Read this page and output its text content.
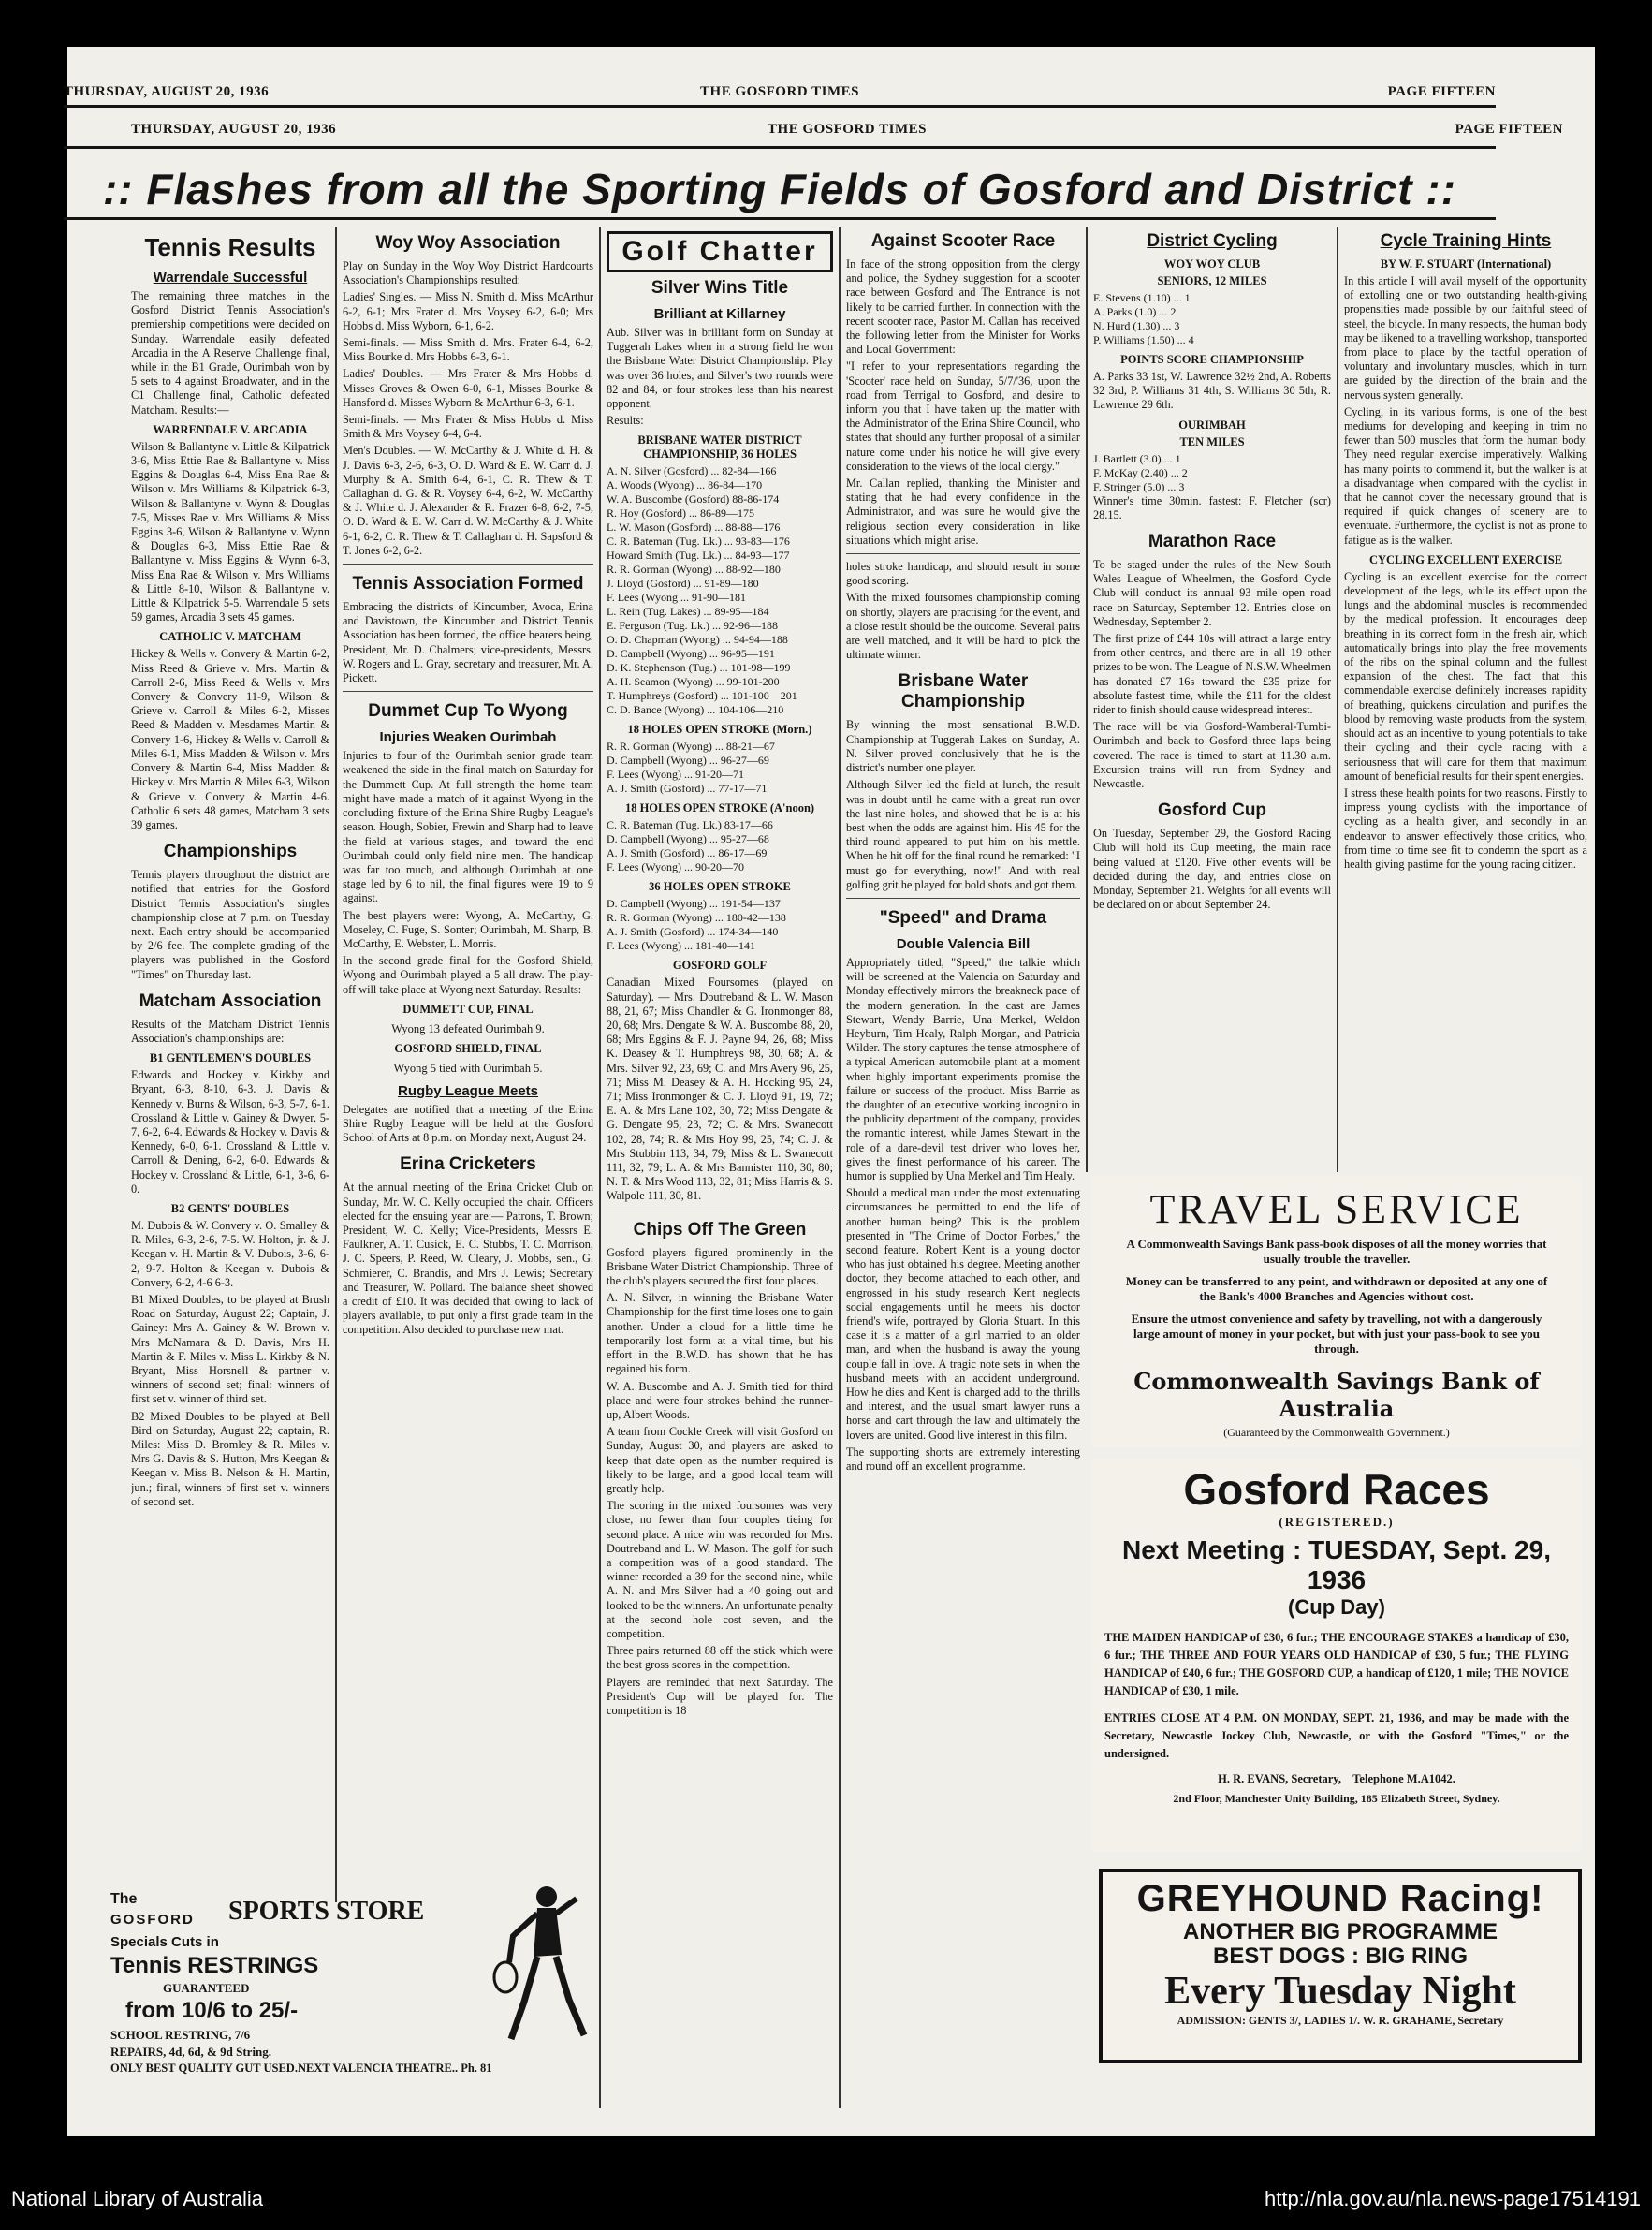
THURSDAY, AUGUST 20, 1936	THE GOSFORD TIMES	PAGE FIFTEEN
THURSDAY, AUGUST 20, 1936	THE GOSFORD TIMES	PAGE FIFTEEN
:: Flashes from all the Sporting Fields of Gosford and District ::
Tennis Results
Warrendale Successful

The remaining three matches in the Gosford District Tennis Association's premiership competitions were decided on Sunday. Warrendale easily defeated Arcadia in the A Reserve Challenge final, while in the B1 Grade, Ourimbah won by 5 sets to 4 against Broadwater, and in the C1 Challenge final, Catholic defeated Matcham. Results:—

WARRENDALE V. ARCADIA

Wilson & Ballantyne v. Little & Kilpatrick 3-6, Miss Ettie Rae & Ballantyne v. Miss Eggins & Douglas 6-4, Miss Ena Rae & Wilson v. Mrs Williams & Kilpatrick 6-3, Wilson & Ballantyne v. Wynn & Douglas 7-5, Misses Rae v. Mrs Williams & Miss Eggins 3-6, Wilson & Ballantyne v. Wynn & Douglas 6-3, Miss Ettie Rae & Ballantyne v. Miss Eggins & Wynn 6-3, Miss Ena Rae & Wilson v. Mrs Williams & Little 8-10, Wilson & Ballantyne v. Little & Kilpatrick 5-5. Warrendale 5 sets 59 games, Arcadia 3 sets 45 games.

CATHOLIC V. MATCHAM

Hickey & Wells v. Convery & Martin 6-2, Miss Reed & Grieve v. Mrs. Martin & Carroll 2-6, Miss Reed & Wells v. Mrs Convery & Convery 11-9, Wilson & Grieve v. Carroll & Miles 6-2, Misses Reed & Madden v. Mesdames Martin & Convery 1-6, Hickey & Wells v. Carroll & Miles 6-1, Miss Madden & Wilson v. Mrs Convery & Martin 6-4, Miss Madden & Hickey v. Mrs Martin & Miles 6-3, Wilson & Grieve v. Convery & Martin 4-6. Catholic 6 sets 48 games, Matcham 3 sets 39 games.

Championships

Tennis players throughout the district are notified that entries for the Gosford District Tennis Association's singles championship close at 7 p.m. on Tuesday next. Each entry should be accompanied by 2/6 fee. The complete grading of the players was published in the Gosford "Times" on Thursday last.

Matcham Association

Results of the Matcham District Tennis Association's championships are:

B1 GENTLEMEN'S DOUBLES

Edwards and Hockey v. Kirkby and Bryant, 6-3, 8-10, 6-3. J. Davis & Kennedy v. Burns & Wilson, 6-3, 5-7, 6-1. Crossland & Little v. Gainey & Dwyer, 5-7, 6-2, 6-4. Edwards & Hockey v. Davis & Kennedy, 6-0, 6-1. Crossland & Little v. Carroll & Dening, 6-2, 6-0. Edwards & Hockey v. Crossland & Little, 6-1, 3-6, 6-0.

B2 GENTS' DOUBLES

M. Dubois & W. Convery v. O. Smalley & R. Miles, 6-3, 2-6, 7-5. W. Holton, jr. & J. Keegan v. H. Martin & V. Dubois, 3-6, 6-2, 9-7. Holton & Keegan v. Dubois & Convery, 6-2, 4-6 6-3.

B1 Mixed Doubles, to be played at Brush Road on Saturday, August 22; Captain, J. Gainey: Mrs A. Gainey & W. Brown v. Mrs McNamara & D. Davis, Mrs H. Martin & F. Miles v. Miss L. Kirkby & N. Bryant, Miss Horsnell & partner v. winners of second set; final: winners of first set v. winner of third set.

B2 Mixed Doubles to be played at Bell Bird on Saturday, August 22; captain, R. Miles: Miss D. Bromley & R. Miles v. Mrs G. Davis & S. Hutton, Mrs Keegan & Keegan v. Miss B. Nelson & H. Martin, jun.; final, winners of first set v. winners of second set.

Woy Woy Association

Play on Sunday in the Woy Woy District Hardcourts Association's Championships resulted:

Ladies' Singles. — Miss N. Smith d. Miss McArthur 6-2, 6-1; Mrs Frater d. Mrs Voysey 6-2, 6-0; Mrs Hobbs d. Miss Wyborn, 6-1, 6-2.

Semi-finals. — Miss Smith d. Mrs. Frater 6-4, 6-2, Miss Bourke d. Mrs Hobbs 6-3, 6-1.

Ladies' Doubles. — Mrs Frater & Mrs Hobbs d. Misses Groves & Owen 6-0, 6-1, Misses Bourke & Hansford d. Misses Wyborn & McArthur 6-3, 6-1.

Semi-finals. — Mrs Frater & Miss Hobbs d. Miss Smith & Mrs Voysey 6-4, 6-4.

Men's Doubles. — W. McCarthy & J. White d. H. & J. Davis 6-3, 2-6, 6-3, O. D. Ward & E. W. Carr d. J. Murphy & A. Smith 6-4, 6-1, C. R. Thew & T. Callaghan d. G. & R. Voysey 6-4, 6-2, W. McCarthy & J. White d. J. Alexander & R. Frazer 6-8, 6-2, 7-5, O. D. Ward & E. W. Carr d. W. McCarthy & J. White 6-1, 6-2, C. R. Thew & T. Callaghan d. H. Sapsford & T. Jones 6-2, 6-2.

Tennis Association Formed

Embracing the districts of Kincumber, Avoca, Erina and Davistown, the Kincumber and District Tennis Association has been formed, the office bearers being, President, Mr. D. Chalmers; vice-presidents, Messrs. W. Rogers and L. Gray, secretary and treasurer, Mr. A. Pickett.

Dummet Cup To Wyong
Injuries Weaken Ourimbah

Injuries to four of the Ourimbah senior grade team weakened the side in the final match on Saturday for the Dummett Cup. At full strength the home team might have made a match of it against Wyong in the concluding fixture of the Erina Shire Rugby League's season. Hough, Sobier, Frewin and Sharp had to leave the field at various stages, and toward the end Ourimbah could only field nine men. The handicap was far too much, and although Ourimbah at one stage led by 6 to nil, the final figures were 19 to 9 against.

The best players were: Wyong, A. McCarthy, G. Moseley, C. Fuge, S. Sonter; Ourimbah, M. Sharp, B. McCarthy, E. Webster, L. Morris.

In the second grade final for the Gosford Shield, Wyong and Ourimbah played a 5 all draw. The play-off will take place at Wyong next Saturday. Results:

DUMMETT CUP, FINAL
Wyong 13 defeated Ourimbah 9.
GOSFORD SHIELD, FINAL
Wyong 5 tied with Ourimbah 5.
Rugby League Meets

Delegates are notified that a meeting of the Erina Shire Rugby League will be held at the Gosford School of Arts at 8 p.m. on Monday next, August 24.

Erina Cricketers

At the annual meeting of the Erina Cricket Club on Sunday, Mr. W. C. Kelly occupied the chair. Officers elected for the ensuing year are:— Patrons, T. Brown; President, W. C. Kelly; Vice-Presidents, Messrs E. Faulkner, A. T. Cusick, E. C. Stubbs, T. C. Morrison, J. C. Speers, P. Reed, W. Cleary, J. Mobbs, sen., G. Schmierer, C. Brandis, and Mrs J. Lewis; Secretary and Treasurer, W. Pollard. The balance sheet showed a credit of £10. It was decided that owing to lack of players available, to put only a first grade team in the competition. Also decided to purchase new mat.

Golf Chatter
Silver Wins Title
Brilliant at Killarney

Aub. Silver was in brilliant form on Sunday at Tuggerah Lakes when in a strong field he won the Brisbane Water District Championship. Play was over 36 holes, and Silver's two rounds were 82 and 84, or four strokes less than his nearest opponent.

Results:

BRISBANE WATER DISTRICT CHAMPIONSHIP, 36 HOLES

A. N. Silver (Gosford) ... 82-84—166

A. Woods (Wyong) ... 86-84—170

W. A. Buscombe (Gosford) 88-86-174

R. Hoy (Gosford) ... 86-89—175

L. W. Mason (Gosford) ... 88-88—176

C. R. Bateman (Tug. Lk.) ... 93-83—176

Howard Smith (Tug. Lk.) ... 84-93—177

R. R. Gorman (Wyong) ... 88-92—180

J. Lloyd (Gosford) ... 91-89—180

F. Lees (Wyong ... 91-90—181

L. Rein (Tug. Lakes) ... 89-95—184

E. Ferguson (Tug. Lk.) ... 92-96—188

O. D. Chapman (Wyong) ... 94-94—188

D. Campbell (Wyong) ... 96-95—191

D. K. Stephenson (Tug.) ... 101-98—199

A. H. Seamon (Wyong) ... 99-101-200

T. Humphreys (Gosford) ... 101-100—201

C. D. Bance (Wyong) ... 104-106—210

18 HOLES OPEN STROKE (Morn.)

R. R. Gorman (Wyong) ... 88-21—67

D. Campbell (Wyong) ... 96-27—69

F. Lees (Wyong) ... 91-20—71

A. J. Smith (Gosford) ... 77-17—71

18 HOLES OPEN STROKE (A'noon)

C. R. Bateman (Tug. Lk.) 83-17—66

D. Campbell (Wyong) ... 95-27—68

A. J. Smith (Gosford) ... 86-17—69

F. Lees (Wyong) ... 90-20—70

36 HOLES OPEN STROKE

D. Campbell (Wyong) ... 191-54—137

R. R. Gorman (Wyong) ... 180-42—138

A. J. Smith (Gosford) ... 174-34—140

F. Lees (Wyong) ... 181-40—141

GOSFORD GOLF

Canadian Mixed Foursomes (played on Saturday). — Mrs. Doutreband & L. W. Mason 88, 21, 67; Miss Chandler & G. Ironmonger 88, 20, 68; Mrs. Dengate & W. A. Buscombe 88, 20, 68; Mrs Eggins & F. J. Payne 94, 26, 68; Miss K. Deasey & T. Humphreys 98, 30, 68; A. & Mrs. Silver 92, 23, 69; C. and Mrs Avery 96, 25, 71; Miss M. Deasey & A. H. Hocking 95, 24, 71; Miss Ironmonger & C. J. Lloyd 91, 19, 72; E. A. & Mrs Lane 102, 30, 72; Miss Dengate & G. Dengate 95, 23, 72; C. & Mrs. Swanecott 102, 28, 74; R. & Mrs Hoy 99, 25, 74; C. J. & Mrs Stubbin 113, 34, 79; Miss & L. Swanecott 111, 32, 79; L. A. & Mrs Bannister 110, 30, 80; N. T. & Mrs Wood 113, 32, 81; Miss Harris & S. Walpole 111, 30, 81.

Chips Off The Green

Gosford players figured prominently in the Brisbane Water District Championship. Three of the club's players secured the first four places.

A. N. Silver, in winning the Brisbane Water Championship for the first time loses one to gain another. Under a cloud for a little time he temporarily lost form at a vital time, but his effort in the B.W.D. has shown that he has regained his form.

W. A. Buscombe and A. J. Smith tied for third place and were four strokes behind the runner-up, Albert Woods.

A team from Cockle Creek will visit Gosford on Sunday, August 30, and players are asked to keep that date open as the number required is likely to be large, and a good local team will greatly help.

The scoring in the mixed foursomes was very close, no fewer than four couples tieing for second place. A nice win was recorded for Mrs. Doutreband and L. W. Mason. The golf for such a competition was of a good standard. The winner recorded a 39 for the second nine, while A. N. and Mrs Silver had a 40 going out and looked to be the winners. An unfortunate penalty at the second hole cost seven, and the competition.

Three pairs returned 88 off the stick which were the best gross scores in the competition.

Players are reminded that next Saturday. The President's Cup will be played for. The competition is 18

Against Scooter Race

In face of the strong opposition from the clergy and police, the Sydney suggestion for a scooter race between Gosford and The Entrance is not likely to be carried further. In connection with the recent scooter race, Pastor M. Callan has received the following letter from the Minister for Works and Local Government:

"I refer to your representations regarding the 'Scooter' race held on Sunday, 5/7/'36, upon the road from Terrigal to Gosford, and desire to inform you that I have taken up the matter with the Administrator of the Erina Shire Council, who states that should any further proposal of a similar nature come under his notice he will give every consideration to the views of the local clergy."

Mr. Callan replied, thanking the Minister and stating that he had every confidence in the Administrator, and was sure he would give the religious section every consideration in like situations which might arise.

holes stroke handicap, and should result in some good scoring.

With the mixed foursomes championship coming on shortly, players are practising for the event, and a close result should be the outcome. Several pairs are well matched, and it will be hard to pick the ultimate winner.

Brisbane Water Championship

By winning the most sensational B.W.D. Championship at Tuggerah Lakes on Sunday, A. N. Silver proved conclusively that he is the district's number one player.

Although Silver led the field at lunch, the result was in doubt until he came with a great run over the last nine holes, and showed that he is at his best when the odds are against him. His 45 for the third round appeared to put him on his mettle. When he hit off for the final round he remarked: "I must go for everything, now!" And with real golfing grit he played for bold shots and got them.

"Speed" and Drama
Double Valencia Bill

Appropriately titled, "Speed," the talkie which will be screened at the Valencia on Saturday and Monday effectively mirrors the breakneck pace of the modern generation. In the cast are James Stewart, Wendy Barrie, Una Merkel, Weldon Heyburn, Tim Healy, Ralph Morgan, and Patricia Wilder. The story captures the tense atmosphere of a typical American automobile plant at a moment when highly important experiments promise the failure or success of the product. Miss Barrie as the daughter of an executive working incognito in the publicity department of the company, provides the romantic interest, while James Stewart in the role of a dare-devil test driver who loves her, gives the finest performance of his career. The humor is supplied by Una Merkel and Tim Healy.

Should a medical man under the most extenuating circumstances be permitted to end the life of another human being? This is the problem presented in "The Crime of Doctor Forbes," the second feature. Robert Kent is a young doctor who has just obtained his degree. Meeting another doctor, they become attached to each other, and engrossed in his study research Kent neglects social engagements until he meets his doctor friend's wife, portrayed by Gloria Stuart. In this case it is a matter of a girl married to an older man, and when the husband is away the young couple fall in love. A tragic note sets in when the husband meets with an accident underground. How he dies and Kent is charged add to the thrills and interest, and the usual smart lawyer runs a horse and cart through the law and ultimately the lovers are united. Good live interest in this film.

The supporting shorts are extremely interesting and round off an excellent programme.

District Cycling
WOY WOY CLUB
SENIORS, 12 MILES

E. Stevens (1.10) ... 1

A. Parks (1.0) ... 2

N. Hurd (1.30) ... 3

P. Williams (1.50) ... 4

POINTS SCORE CHAMPIONSHIP

A. Parks 33 1st, W. Lawrence 32½ 2nd, A. Roberts 32 3rd, P. Williams 31 4th, S. Williams 30 5th, R. Lawrence 29 6th.

OURIMBAH
TEN MILES

J. Bartlett (3.0) ... 1

F. McKay (2.40) ... 2

F. Stringer (5.0) ... 3

Winner's time 30min. fastest: F. Fletcher (scr) 28.15.

Marathon Race

To be staged under the rules of the New South Wales League of Wheelmen, the Gosford Cycle Club will conduct its annual 93 mile open road race on Saturday, September 12. Entries close on Wednesday, September 2.

The first prize of £44 10s will attract a large entry from other centres, and there are in all 19 other prizes to be won. The League of N.S.W. Wheelmen has donated £7 16s toward the £35 prize for absolute fastest time, while the £11 for the oldest rider to finish should cause widespread interest.

The race will be via Gosford-Wamberal-Tumbi-Ourimbah and back to Gosford three laps being covered. The race is timed to start at 11.30 a.m. Excursion trains will run from Sydney and Newcastle.

Gosford Cup

On Tuesday, September 29, the Gosford Racing Club will hold its Cup meeting, the main race being valued at £120. Five other events will be decided during the day, and entries close on Monday, September 21. Weights for all events will be declared on or about September 24.

Cycle Training Hints
BY W. F. STUART (International)

In this article I will avail myself of the opportunity of extolling one or two outstanding health-giving propensities made possible by our faithful steed of steel, the bicycle. In many respects, the human body may be likened to a travelling workshop, transported from place to place by the tactful operation of voluntary and involuntary muscles, which in turn are guided by the direction of the brain and the nervous system generally.

Cycling, in its various forms, is one of the best mediums for developing and keeping in trim no fewer than 500 muscles that form the human body. They need regular exercise imperatively. Walking has many points to commend it, but the walker is at a disadvantage when compared with the cyclist in that he cannot cover the necessary ground that is required if quick changes of scenery are to eventuate. Furthermore, the cyclist is not as prone to fatigue as is the walker.

CYCLING EXCELLENT EXERCISE

Cycling is an excellent exercise for the correct development of the legs, while its effect upon the lungs and the abdominal muscles is recommended by the medical profession. It encourages deep breathing in its correct form in the fresh air, which automatically brings into play the free movements of the ribs on the spinal column and the fullest expansion of the chest. The fact that this commendable exercise definitely increases rapidity of breathing, quickens circulation and purifies the blood by removing waste products from the system, should act as an incentive to young potentials to take their cycling and their cycle racing with a seriousness that will care for them that maximum amount of beneficial results for their spent energies.

I stress these health points for two reasons. Firstly to impress young cyclists with the importance of cycling as a health giver, and secondly in an endeavor to answer effectively those critics, who, from time to time see fit to condemn the sport as a health giving pastime for the young racing citizen.

TRAVEL SERVICE

A Commonwealth Savings Bank pass-book disposes of all the money worries that usually trouble the traveller.

Money can be transferred to any point, and withdrawn or deposited at any one of the Bank's 4000 Branches and Agencies without cost.

Ensure the utmost convenience and safety by travelling, not with a dangerously large amount of money in your pocket, but with just your pass-book to see you through.

Commonwealth Savings Bank of Australia
(Guaranteed by the Commonwealth Government.)
Gosford Races
(REGISTERED.)
Next Meeting : TUESDAY, Sept. 29, 1936
(Cup Day)

THE MAIDEN HANDICAP of £30, 6 fur.; THE ENCOURAGE STAKES a handicap of £30, 6 fur.; THE THREE AND FOUR YEARS OLD HANDICAP of £30, 5 fur.; THE FLYING HANDICAP of £40, 6 fur.; THE GOSFORD CUP, a handicap of £120, 1 mile; THE NOVICE HANDICAP of £30, 1 mile.

ENTRIES CLOSE AT 4 P.M. ON MONDAY, SEPT. 21, 1936, and may be made with the Secretary, Newcastle Jockey Club, Newcastle, or with the Gosford "Times," or the undersigned.

H. R. EVANS, Secretary,    Telephone M.A1042.
2nd Floor, Manchester Unity Building, 185 Elizabeth Street, Sydney.
GREYHOUND Racing!
ANOTHER BIG PROGRAMME
BEST DOGS : BIG RING
Every Tuesday Night
ADMISSION: GENTS 3/, LADIES 1/. W. R. GRAHAME, Secretary
The
GOSFORD SPORTS STORE
Specials Cuts in
Tennis RESTRINGS
GUARANTEED
from 10/6 to 25/-
SCHOOL RESTRING, 7/6
REPAIRS, 4d, 6d, & 9d String.
ONLY BEST QUALITY GUT USED.NEXT VALENCIA THEATRE.. Ph. 81
National Library of Australia	http://nla.gov.au/nla.news-page17514191
